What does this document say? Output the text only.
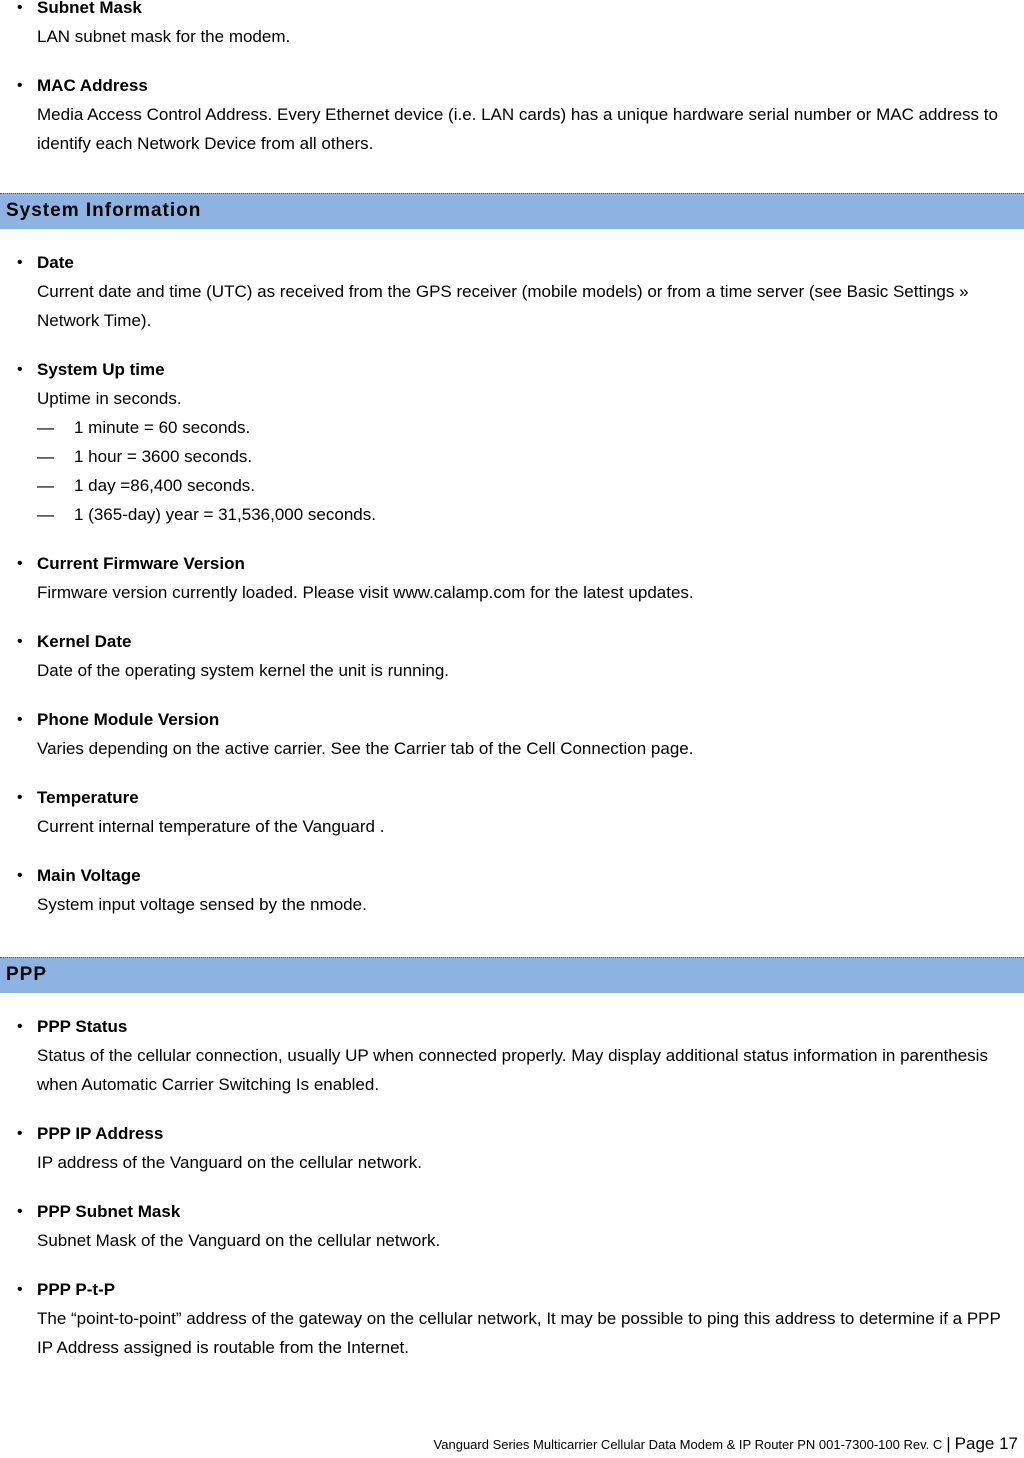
• Subnet Mask

LAN subnet mask for the modem.

• MAC Address

Media Access Control Address. Every Ethernet device (i.e. LAN cards) has a unique hardware serial number or MAC address to identify each Network Device from all others.

System Information
• Date

Current date and time (UTC) as received from the GPS receiver (mobile models) or from a time server (see Basic Settings » Network Time).

• System Up time

Uptime in seconds.

— 1 minute = 60 seconds.
— 1 hour = 3600 seconds.
— 1 day =86,400 seconds.
— 1 (365-day) year = 31,536,000 seconds.
• Current Firmware Version

Firmware version currently loaded. Please visit www.calamp.com for the latest updates.

• Kernel Date

Date of the operating system kernel the unit is running.

• Phone Module Version

Varies depending on the active carrier. See the Carrier tab of the Cell Connection page.

• Temperature

Current internal temperature of the Vanguard .

• Main Voltage

System input voltage sensed by the nmode.

PPP
• PPP Status

Status of the cellular connection, usually UP when connected properly. May display additional status information in parenthesis when Automatic Carrier Switching Is enabled.

• PPP IP Address

IP address of the Vanguard on the cellular network.

• PPP Subnet Mask

Subnet Mask of the Vanguard on the cellular network.

• PPP P-t-P

The “point-to-point” address of the gateway on the cellular network, It may be possible to ping this address to determine if a PPP IP Address assigned is routable from the Internet.

Vanguard Series Multicarrier Cellular Data Modem & IP Router PN 001-7300-100 Rev. C | Page 17
